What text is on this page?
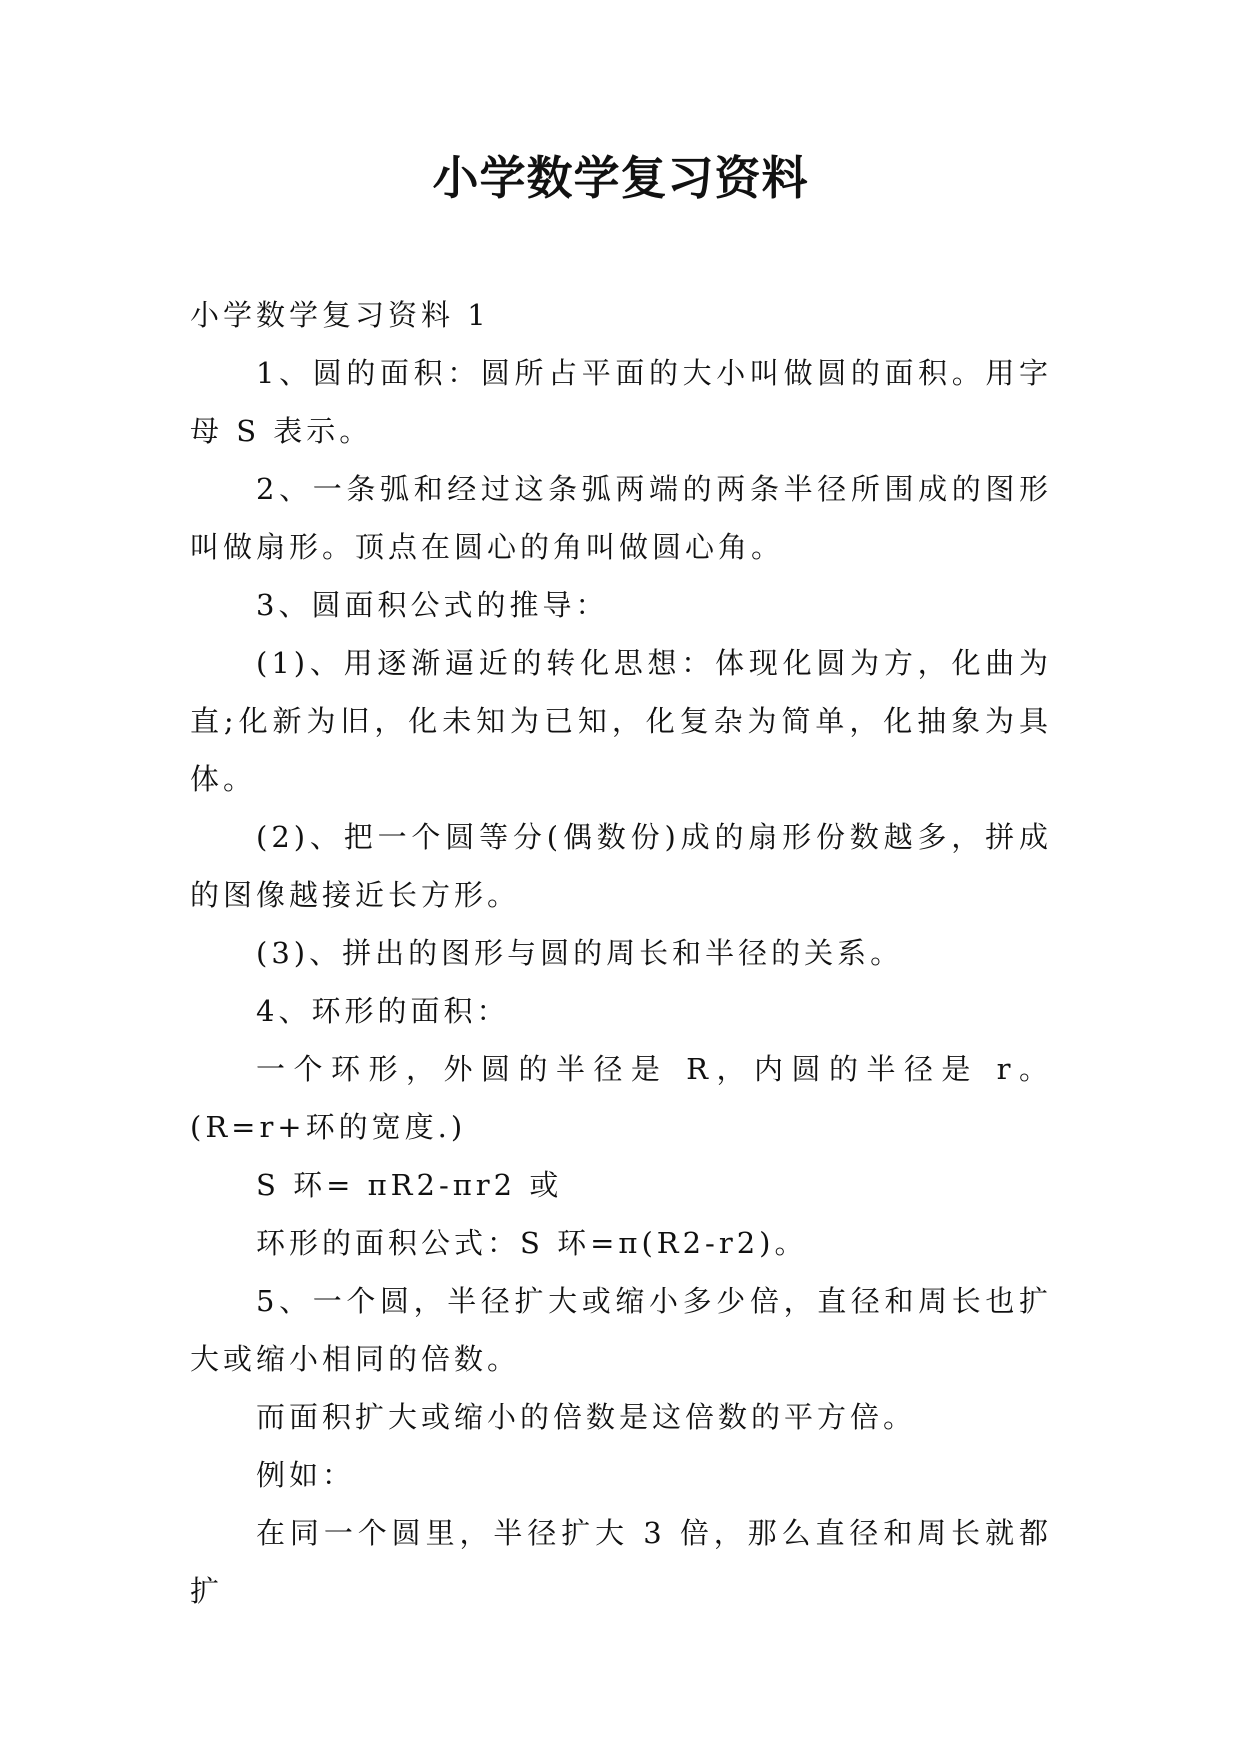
小学数学复习资料

小学数学复习资料 1

1、圆的面积：圆所占平面的大小叫做圆的面积。用字母 S 表示。

2、一条弧和经过这条弧两端的两条半径所围成的图形叫做扇形。顶点在圆心的角叫做圆心角。

3、圆面积公式的推导：

(1)、用逐渐逼近的转化思想：体现化圆为方，化曲为直;化新为旧，化未知为已知，化复杂为简单，化抽象为具体。

(2)、把一个圆等分(偶数份)成的扇形份数越多，拼成的图像越接近长方形。

(3)、拼出的图形与圆的周长和半径的关系。

4、环形的面积：

一个环形，外圆的半径是 R，内圆的半径是 r。(R=r+环的宽度.)

S 环= πR2-πr2 或

环形的面积公式：S 环=π(R2-r2)。

5、一个圆，半径扩大或缩小多少倍，直径和周长也扩大或缩小相同的倍数。

而面积扩大或缩小的倍数是这倍数的平方倍。

例如：

在同一个圆里，半径扩大 3 倍，那么直径和周长就都扩
